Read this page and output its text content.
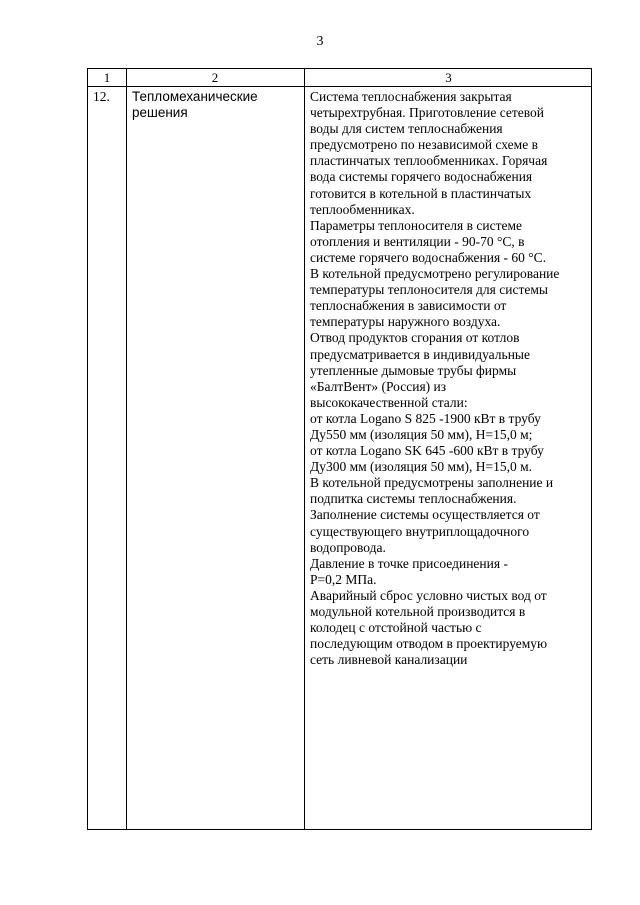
3
1	2	3
12. Тепломеханические
решения
Система теплоснабжения закрытая
четырехтрубная. Приготовление сетевой
воды для систем теплоснабжения
предусмотрено по независимой схеме в
пластинчатых теплообменниках. Горячая
вода системы горячего водоснабжения
готовится в котельной в пластинчатых
теплообменниках.
Параметры теплоносителя в системе
отопления и вентиляции - 90-70 °С, в
системе горячего водоснабжения - 60 °С.
В котельной предусмотрено регулирование
температуры теплоносителя для системы
теплоснабжения в зависимости от
температуры наружного воздуха.
Отвод продуктов сгорания от котлов
предусматривается в индивидуальные
утепленные дымовые трубы фирмы
«БалтВент» (Россия) из
высококачественной стали:
от котла Logano S 825 -1900 кВт в трубу
Ду550 мм (изоляция 50 мм), Н=15,0 м;
от котла Logano SK 645 -600 кВт в трубу
Ду300 мм (изоляция 50 мм), Н=15,0 м.
В котельной предусмотрены заполнение и
подпитка системы теплоснабжения.
Заполнение системы осуществляется от
существующего внутриплощадочного
водопровода.
Давление в точке присоединения -
Р=0,2 МПа.
Аварийный сброс условно чистых вод от
модульной котельной производится в
колодец с отстойной частью с
последующим отводом в проектируемую
сеть ливневой канализации
